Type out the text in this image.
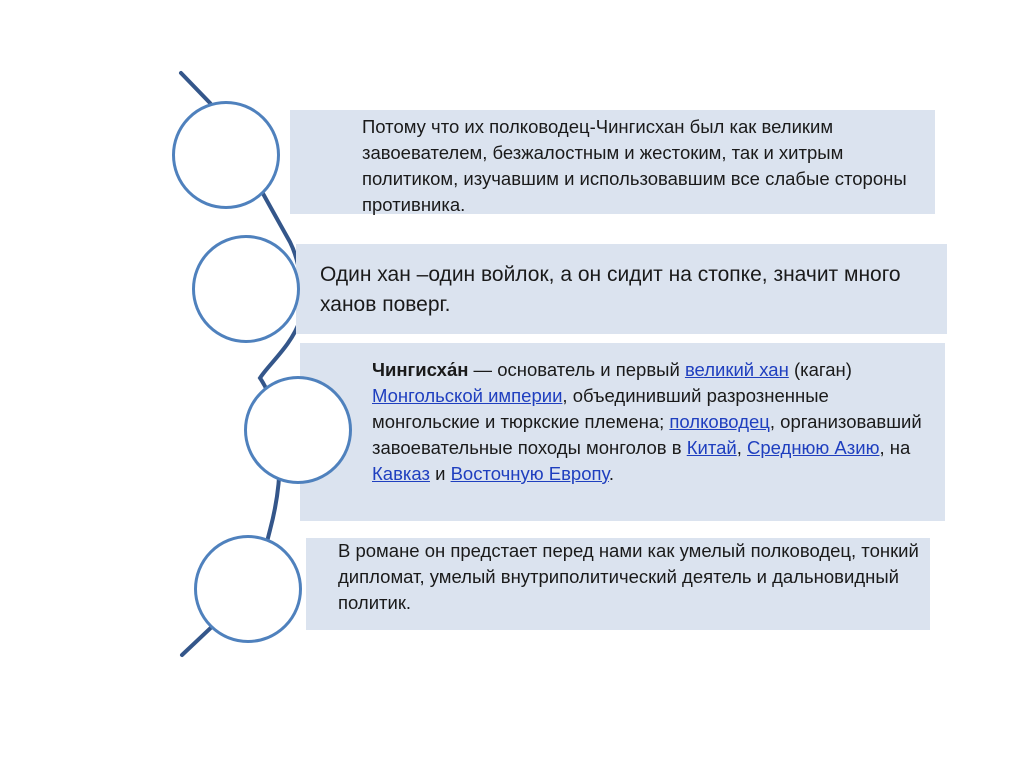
Потому что их полководец-Чингисхан был как великим завоевателем, безжалостным и жестоким, так и хитрым политиком, изучавшим и использовавшим все слабые стороны противника.

Один хан –один войлок, а он сидит на стопке, значит много ханов поверг.

Чингисха́н — основатель и первый великий хан (каган) Монгольской империи, объединивший разрозненные монгольские и тюркские племена; полководец, организовавший завоевательные походы монголов в Китай, Среднюю Азию, на Кавказ и Восточную Европу.

В романе он предстает перед нами как умелый полководец, тонкий дипломат, умелый внутриполитический деятель и дальновидный политик.
